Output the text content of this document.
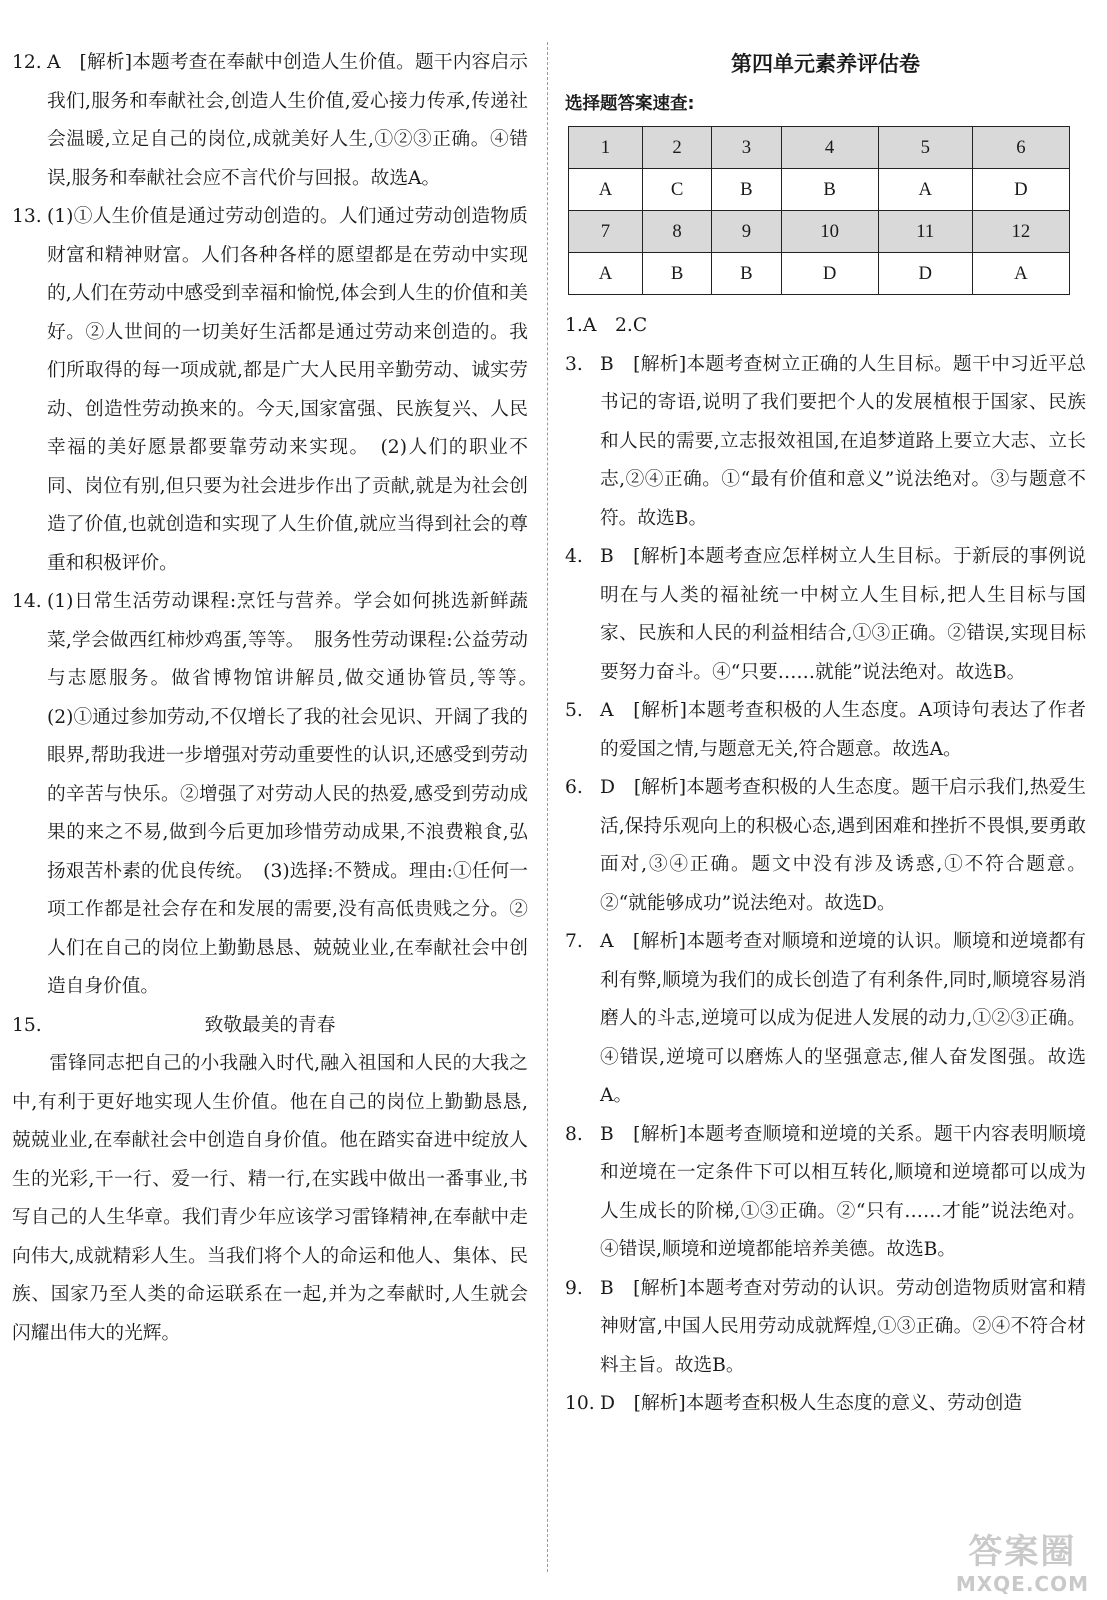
12. A　[解析]本题考查在奉献中创造人生价值。题干内容启示我们,服务和奉献社会,创造人生价值,爱心接力传承,传递社会温暖,立足自己的岗位,成就美好人生,①②③正确。④错误,服务和奉献社会应不言代价与回报。故选A。
13. (1)①人生价值是通过劳动创造的。人们通过劳动创造物质财富和精神财富。人们各种各样的愿望都是在劳动中实现的,人们在劳动中感受到幸福和愉悦,体会到人生的价值和美好。②人世间的一切美好生活都是通过劳动来创造的。我们所取得的每一项成就,都是广大人民用辛勤劳动、诚实劳动、创造性劳动换来的。今天,国家富强、民族复兴、人民幸福的美好愿景都要靠劳动来实现。　(2)人们的职业不同、岗位有别,但只要为社会进步作出了贡献,就是为社会创造了价值,也就创造和实现了人生价值,就应当得到社会的尊重和积极评价。
14. (1)日常生活劳动课程:烹饪与营养。学会如何挑选新鲜蔬菜,学会做西红柿炒鸡蛋,等等。　服务性劳动课程:公益劳动与志愿服务。做省博物馆讲解员,做交通协管员,等等。　(2)①通过参加劳动,不仅增长了我的社会见识、开阔了我的眼界,帮助我进一步增强对劳动重要性的认识,还感受到劳动的辛苦与快乐。②增强了对劳动人民的热爱,感受到劳动成果的来之不易,做到今后更加珍惜劳动成果,不浪费粮食,弘扬艰苦朴素的优良传统。　(3)选择:不赞成。理由:①任何一项工作都是社会存在和发展的需要,没有高低贵贱之分。②人们在自己的岗位上勤勤恳恳、兢兢业业,在奉献社会中创造自身价值。
15.	致敬最美的青春
雷锋同志把自己的小我融入时代,融入祖国和人民的大我之中,有利于更好地实现人生价值。他在自己的岗位上勤勤恳恳,兢兢业业,在奉献社会中创造自身价值。他在踏实奋进中绽放人生的光彩,干一行、爱一行、精一行,在实践中做出一番事业,书写自己的人生华章。我们青少年应该学习雷锋精神,在奉献中走向伟大,成就精彩人生。当我们将个人的命运和他人、集体、民族、国家乃至人类的命运联系在一起,并为之奉献时,人生就会闪耀出伟大的光辉。
第四单元素养评估卷
选择题答案速查:
1	2	3	4	5	6
A	C	B	B	A	D
7	8	9	10	11	12
A	B	B	D	D	A
1.A　2.C
3. B　[解析]本题考查树立正确的人生目标。题干中习近平总书记的寄语,说明了我们要把个人的发展植根于国家、民族和人民的需要,立志报效祖国,在追梦道路上要立大志、立长志,②④正确。①“最有价值和意义”说法绝对。③与题意不符。故选B。
4. B　[解析]本题考查应怎样树立人生目标。于新辰的事例说明在与人类的福祉统一中树立人生目标,把人生目标与国家、民族和人民的利益相结合,①③正确。②错误,实现目标要努力奋斗。④“只要……就能”说法绝对。故选B。
5. A　[解析]本题考查积极的人生态度。A项诗句表达了作者的爱国之情,与题意无关,符合题意。故选A。
6. D　[解析]本题考查积极的人生态度。题干启示我们,热爱生活,保持乐观向上的积极心态,遇到困难和挫折不畏惧,要勇敢面对,③④正确。题文中没有涉及诱惑,①不符合题意。②“就能够成功”说法绝对。故选D。
7. A　[解析]本题考查对顺境和逆境的认识。顺境和逆境都有利有弊,顺境为我们的成长创造了有利条件,同时,顺境容易消磨人的斗志,逆境可以成为促进人发展的动力,①②③正确。④错误,逆境可以磨炼人的坚强意志,催人奋发图强。故选A。
8. B　[解析]本题考查顺境和逆境的关系。题干内容表明顺境和逆境在一定条件下可以相互转化,顺境和逆境都可以成为人生成长的阶梯,①③正确。②“只有……才能”说法绝对。④错误,顺境和逆境都能培养美德。故选B。
9. B　[解析]本题考查对劳动的认识。劳动创造物质财富和精神财富,中国人民用劳动成就辉煌,①③正确。②④不符合材料主旨。故选B。
10. D　[解析]本题考查积极人生态度的意义、劳动创造
答案圈
MXQE.COM
